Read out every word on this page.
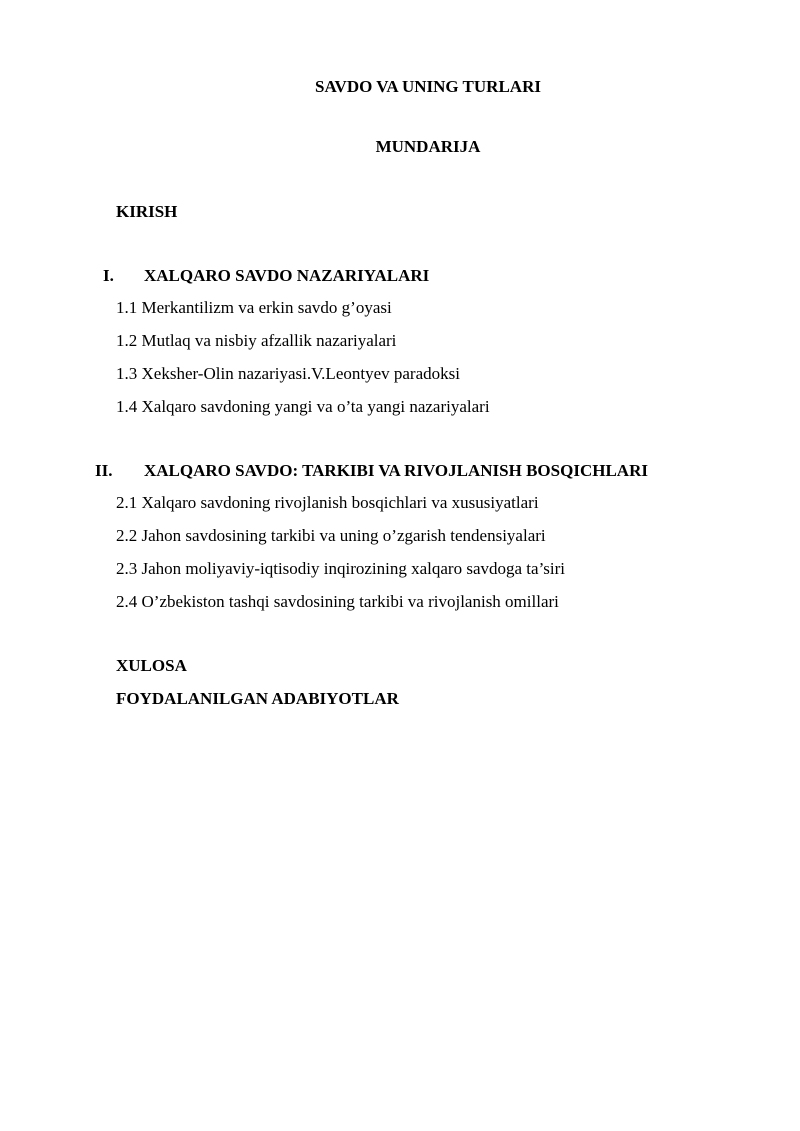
SAVDO VA UNING TURLARI
MUNDARIJA
KIRISH
I. XALQARO SAVDO NAZARIYALARI
1.1 Merkantilizm va erkin savdo g’oyasi
1.2 Mutlaq va nisbiy afzallik nazariyalari
1.3 Xeksher-Olin nazariyasi.V.Leontyev paradoksi
1.4 Xalqaro savdoning yangi va o’ta yangi nazariyalari
II. XALQARO SAVDO: TARKIBI VA RIVOJLANISH BOSQICHLARI
2.1 Xalqaro savdoning rivojlanish bosqichlari va xususiyatlari
2.2 Jahon savdosining tarkibi va uning o’zgarish tendensiyalari
2.3 Jahon moliyaviy-iqtisodiy inqirozining xalqaro savdoga ta’siri
2.4 O’zbekiston tashqi savdosining tarkibi va rivojlanish omillari
XULOSA
FOYDALANILGAN ADABIYOTLAR
